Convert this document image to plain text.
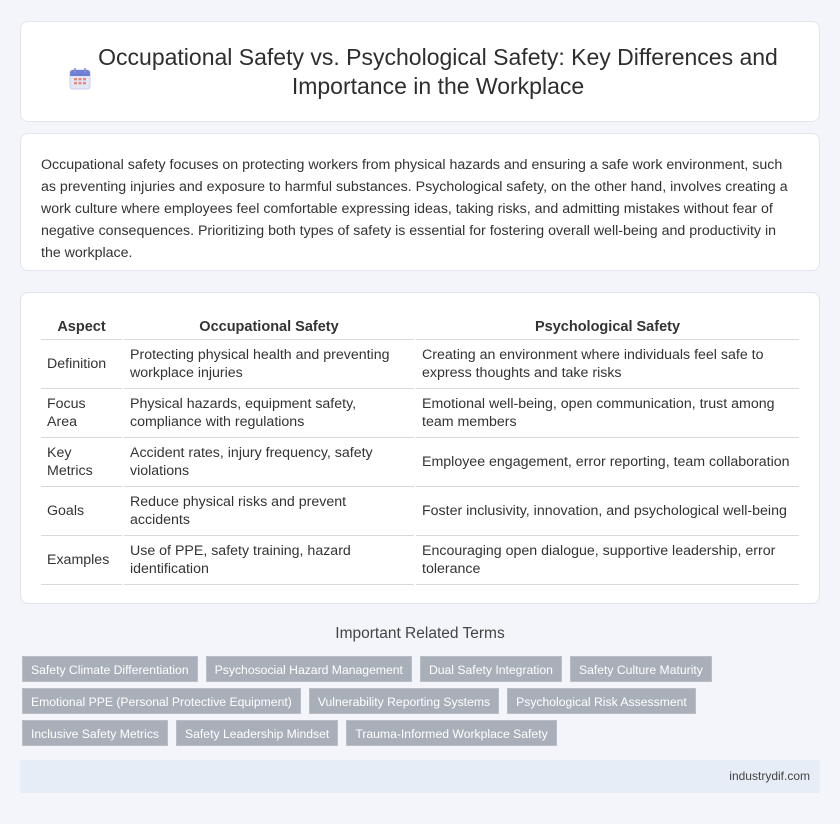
Occupational Safety vs. Psychological Safety: Key Differences and Importance in the Workplace

Occupational safety focuses on protecting workers from physical hazards and ensuring a safe work environment, such as preventing injuries and exposure to harmful substances. Psychological safety, on the other hand, involves creating a work culture where employees feel comfortable expressing ideas, taking risks, and admitting mistakes without fear of negative consequences. Prioritizing both types of safety is essential for fostering overall well-being and productivity in the workplace.

Aspect	Occupational Safety	Psychological Safety
Definition	Protecting physical health and preventing workplace injuries	Creating an environment where individuals feel safe to express thoughts and take risks
Focus Area	Physical hazards, equipment safety, compliance with regulations	Emotional well-being, open communication, trust among team members
Key Metrics	Accident rates, injury frequency, safety violations	Employee engagement, error reporting, team collaboration
Goals	Reduce physical risks and prevent accidents	Foster inclusivity, innovation, and psychological well-being
Examples	Use of PPE, safety training, hazard identification	Encouraging open dialogue, supportive leadership, error tolerance
Important Related Terms
Safety Climate Differentiation	Psychosocial Hazard Management	Dual Safety Integration	Safety Culture Maturity
Emotional PPE (Personal Protective Equipment)	Vulnerability Reporting Systems	Psychological Risk Assessment
Inclusive Safety Metrics	Safety Leadership Mindset	Trauma-Informed Workplace Safety
industrydif.com
